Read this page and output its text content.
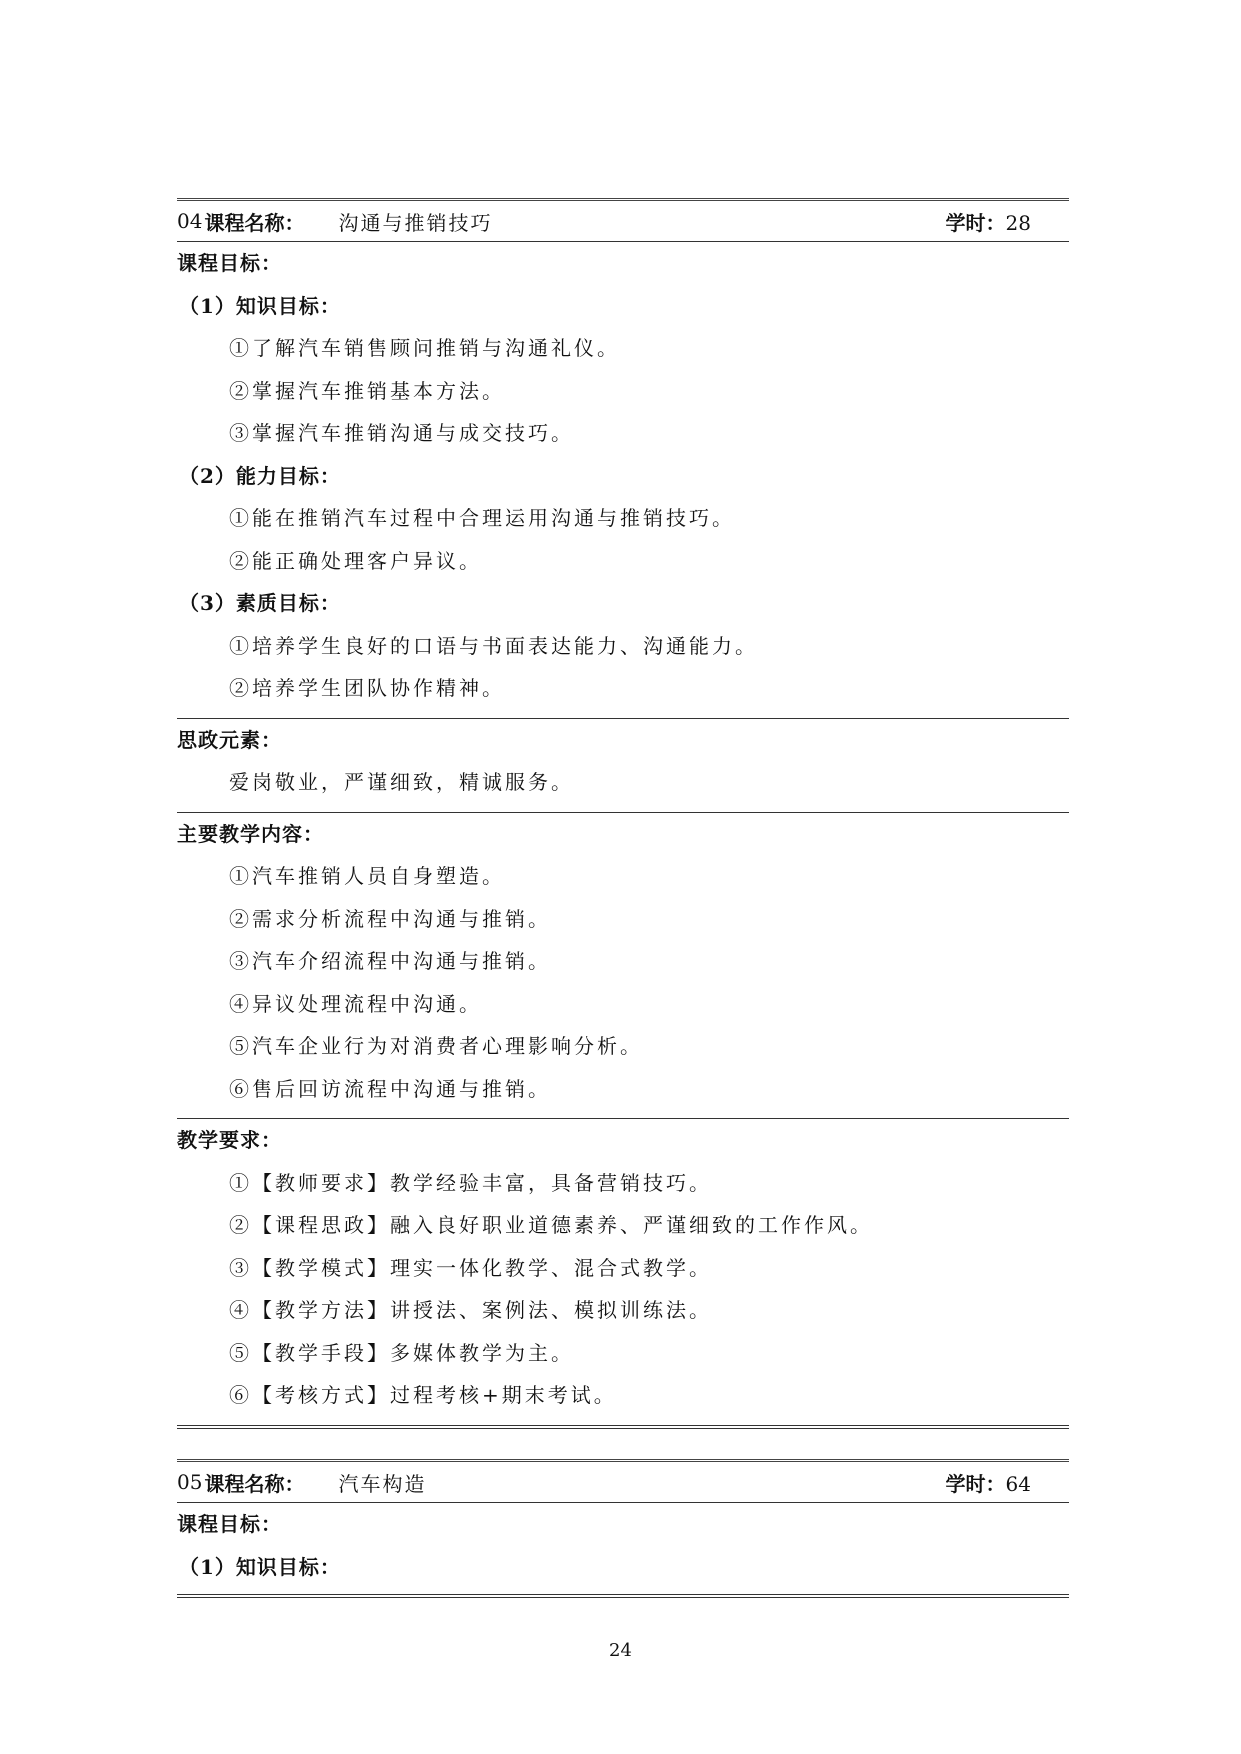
04 课程名称： 沟通与推销技巧	学时：28
课程目标：
（1）知识目标：
①了解汽车销售顾问推销与沟通礼仪。
②掌握汽车推销基本方法。
③掌握汽车推销沟通与成交技巧。
（2）能力目标：
①能在推销汽车过程中合理运用沟通与推销技巧。
②能正确处理客户异议。
（3）素质目标：
①培养学生良好的口语与书面表达能力、沟通能力。
②培养学生团队协作精神。
思政元素：
爱岗敬业，严谨细致，精诚服务。
主要教学内容：
①汽车推销人员自身塑造。
②需求分析流程中沟通与推销。
③汽车介绍流程中沟通与推销。
④异议处理流程中沟通。
⑤汽车企业行为对消费者心理影响分析。
⑥售后回访流程中沟通与推销。
教学要求：
①【教师要求】教学经验丰富，具备营销技巧。
②【课程思政】融入良好职业道德素养、严谨细致的工作作风。
③【教学模式】理实一体化教学、混合式教学。
④【教学方法】讲授法、案例法、模拟训练法。
⑤【教学手段】多媒体教学为主。
⑥【考核方式】过程考核+期末考试。
05 课程名称： 汽车构造	学时：64
课程目标：
（1）知识目标：
24
